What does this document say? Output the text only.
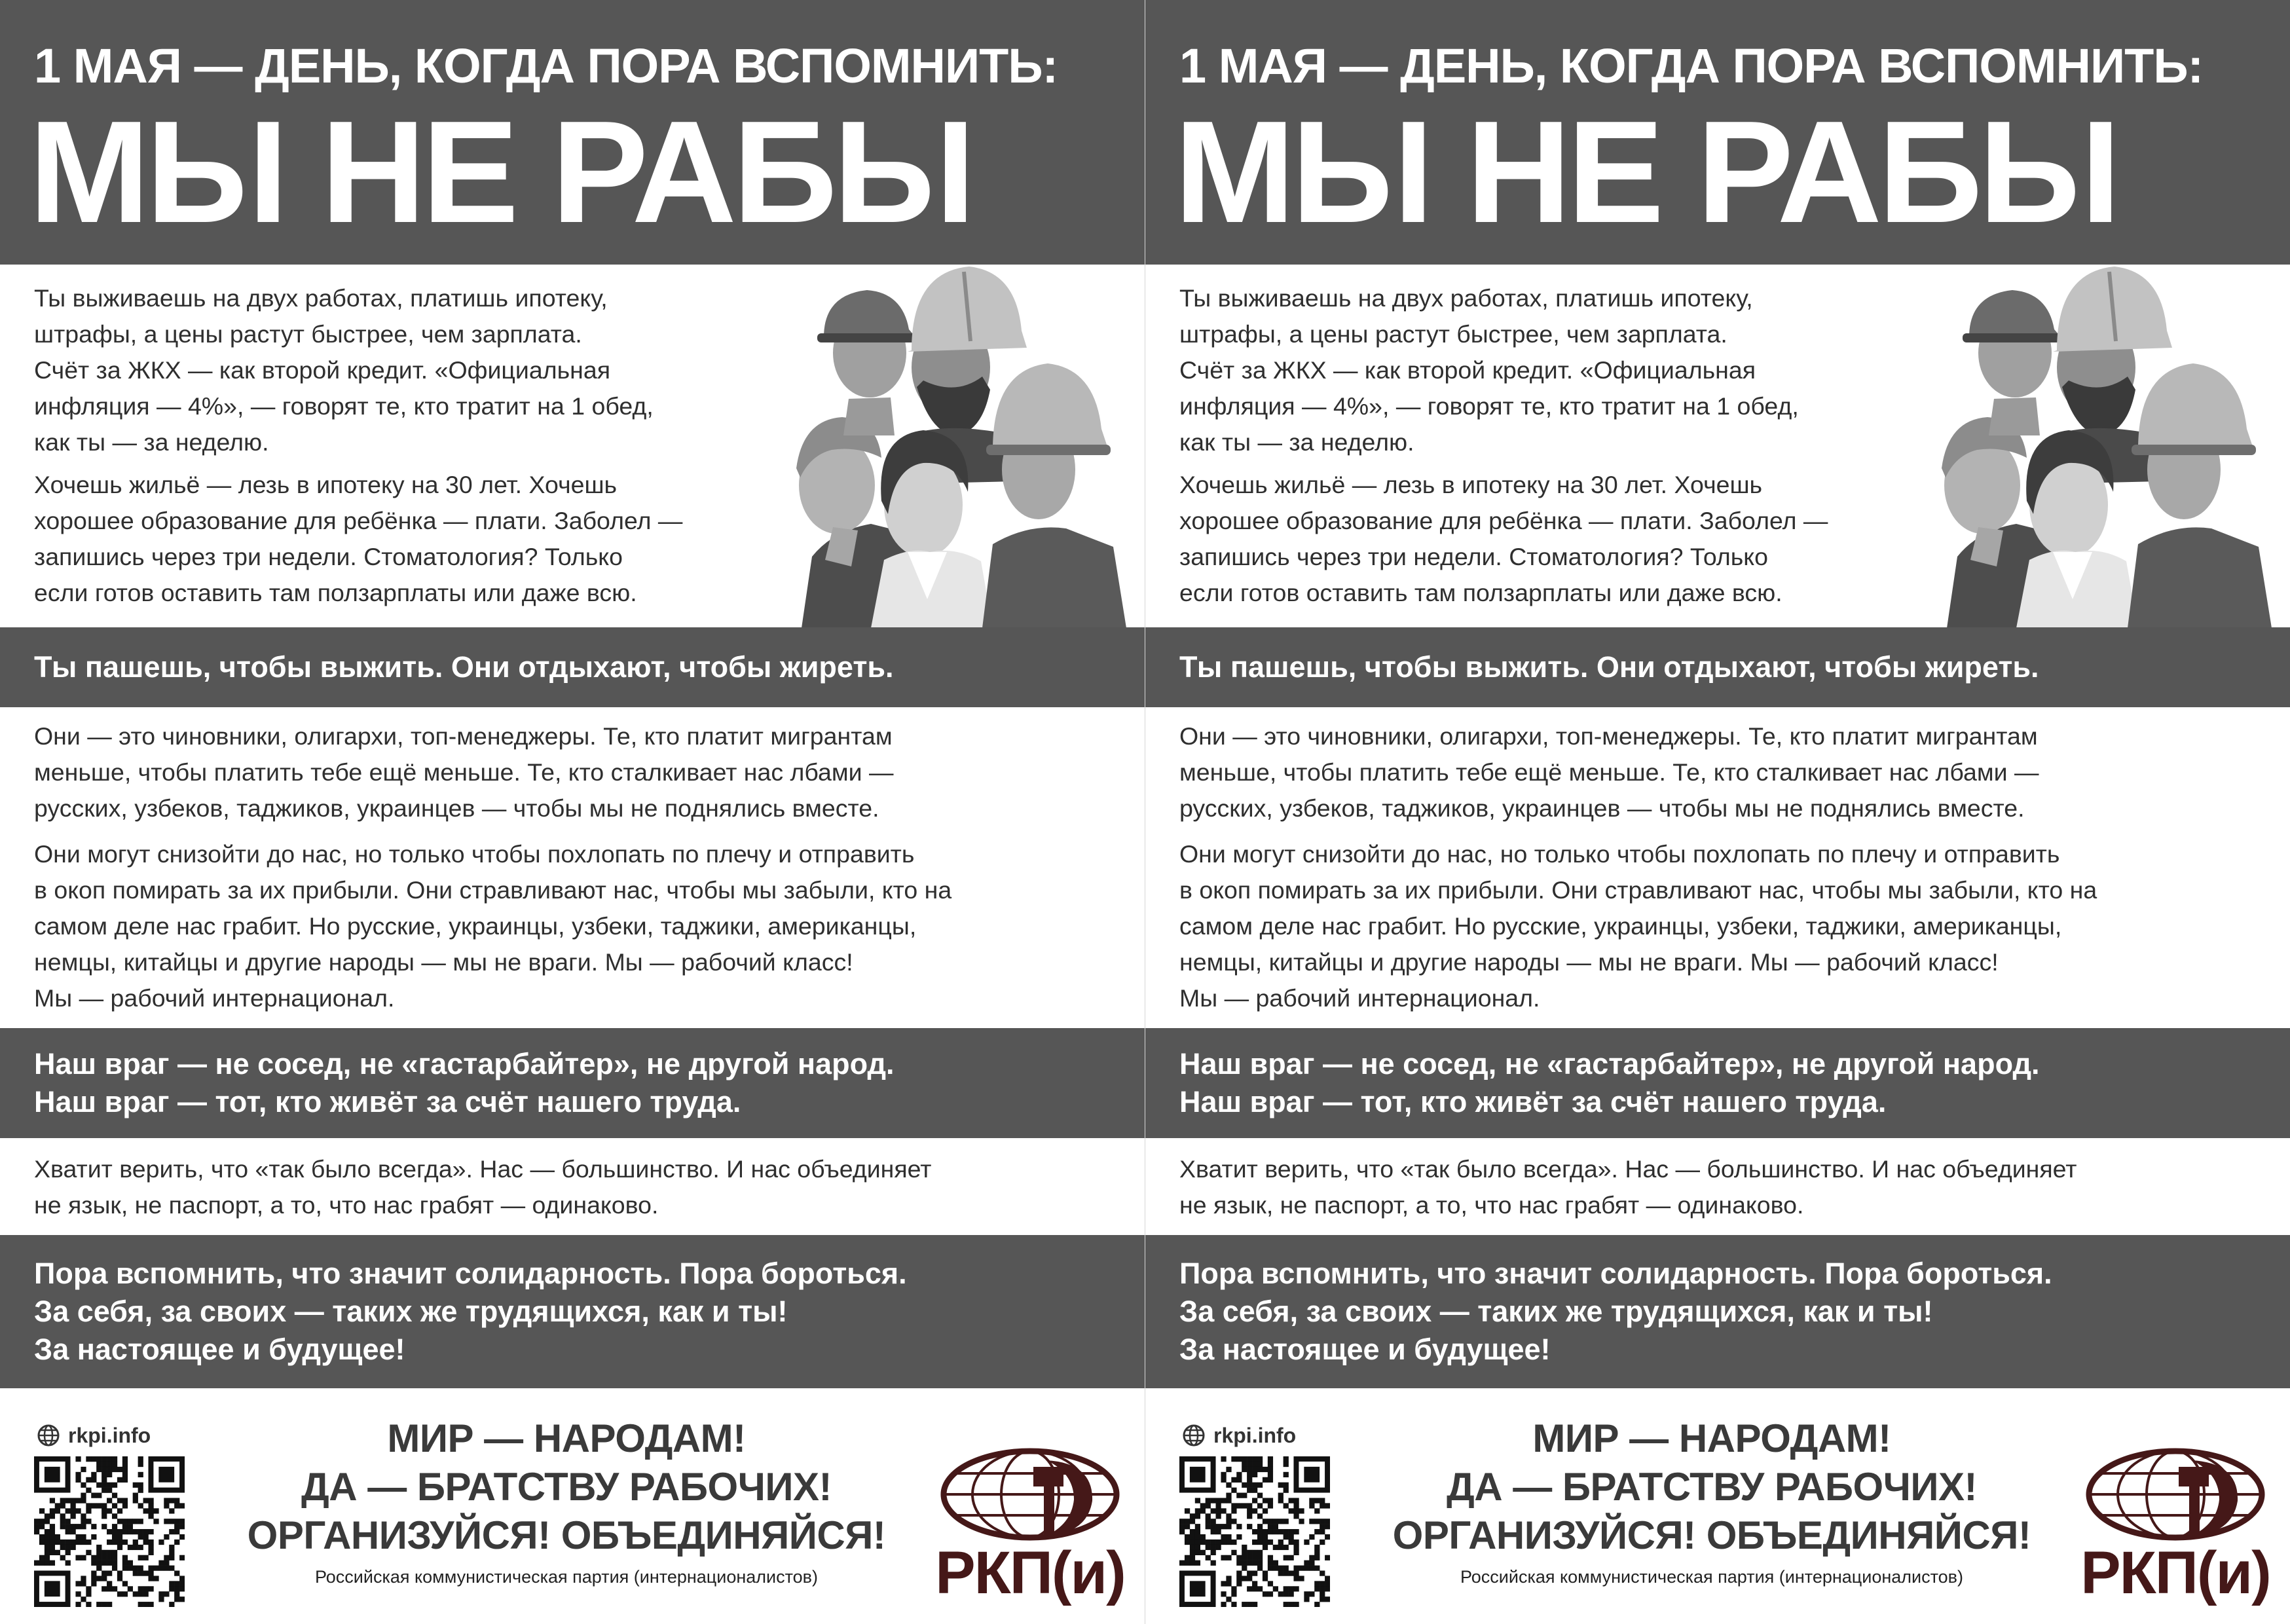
1 МАЯ — ДЕНЬ, КОГДА ПОРА ВСПОМНИТЬ:
МЫ НЕ РАБЫ
Ты выживаешь на двух работах, платишь ипотеку,
штрафы, а цены растут быстрее, чем зарплата.
Счёт за ЖКХ — как второй кредит. «Официальная
инфляция — 4%», — говорят те, кто тратит на 1 обед,
как ты — за неделю.
Хочешь жильё — лезь в ипотеку на 30 лет. Хочешь
хорошее образование для ребёнка — плати. Заболел —
запишись через три недели. Стоматология? Только
если готов оставить там ползарплаты или даже всю.
Ты пашешь, чтобы выжить. Они отдыхают, чтобы жиреть.
Они — это чиновники, олигархи, топ-менеджеры. Те, кто платит мигрантам
меньше, чтобы платить тебе ещё меньше. Те, кто сталкивает нас лбами —
русских, узбеков, таджиков, украинцев — чтобы мы не поднялись вместе.
Они могут снизойти до нас, но только чтобы похлопать по плечу и отправить
в окоп помирать за их прибыли. Они стравливают нас, чтобы мы забыли, кто на
самом деле нас грабит. Но русские, украинцы, узбеки, таджики, американцы,
немцы, китайцы и другие народы — мы не враги. Мы — рабочий класс!
Мы — рабочий интернационал.
Наш враг — не сосед, не «гастарбайтер», не другой народ.
Наш враг — тот, кто живёт за счёт нашего труда.
Хватит верить, что «так было всегда». Нас — большинство. И нас объединяет
не язык, не паспорт, а то, что нас грабят — одинаково.
Пора вспомнить, что значит солидарность. Пора бороться.
За себя, за своих — таких же трудящихся, как и ты!
За настоящее и будущее!
rkpi.info	МИР — НАРОДАМ!
ДА — БРАТСТВУ РАБОЧИХ!
ОРГАНИЗУЙСЯ! ОБЪЕДИНЯЙСЯ!
Российская коммунистическая партия (интернационалистов)	РКП(и)
1 МАЯ — ДЕНЬ, КОГДА ПОРА ВСПОМНИТЬ:
МЫ НЕ РАБЫ
Ты выживаешь на двух работах, платишь ипотеку,
штрафы, а цены растут быстрее, чем зарплата.
Счёт за ЖКХ — как второй кредит. «Официальная
инфляция — 4%», — говорят те, кто тратит на 1 обед,
как ты — за неделю.
Хочешь жильё — лезь в ипотеку на 30 лет. Хочешь
хорошее образование для ребёнка — плати. Заболел —
запишись через три недели. Стоматология? Только
если готов оставить там ползарплаты или даже всю.
Ты пашешь, чтобы выжить. Они отдыхают, чтобы жиреть.
Они — это чиновники, олигархи, топ-менеджеры. Те, кто платит мигрантам
меньше, чтобы платить тебе ещё меньше. Те, кто сталкивает нас лбами —
русских, узбеков, таджиков, украинцев — чтобы мы не поднялись вместе.
Они могут снизойти до нас, но только чтобы похлопать по плечу и отправить
в окоп помирать за их прибыли. Они стравливают нас, чтобы мы забыли, кто на
самом деле нас грабит. Но русские, украинцы, узбеки, таджики, американцы,
немцы, китайцы и другие народы — мы не враги. Мы — рабочий класс!
Мы — рабочий интернационал.
Наш враг — не сосед, не «гастарбайтер», не другой народ.
Наш враг — тот, кто живёт за счёт нашего труда.
Хватит верить, что «так было всегда». Нас — большинство. И нас объединяет
не язык, не паспорт, а то, что нас грабят — одинаково.
Пора вспомнить, что значит солидарность. Пора бороться.
За себя, за своих — таких же трудящихся, как и ты!
За настоящее и будущее!
rkpi.info	МИР — НАРОДАМ!
ДА — БРАТСТВУ РАБОЧИХ!
ОРГАНИЗУЙСЯ! ОБЪЕДИНЯЙСЯ!
Российская коммунистическая партия (интернационалистов)	РКП(и)
